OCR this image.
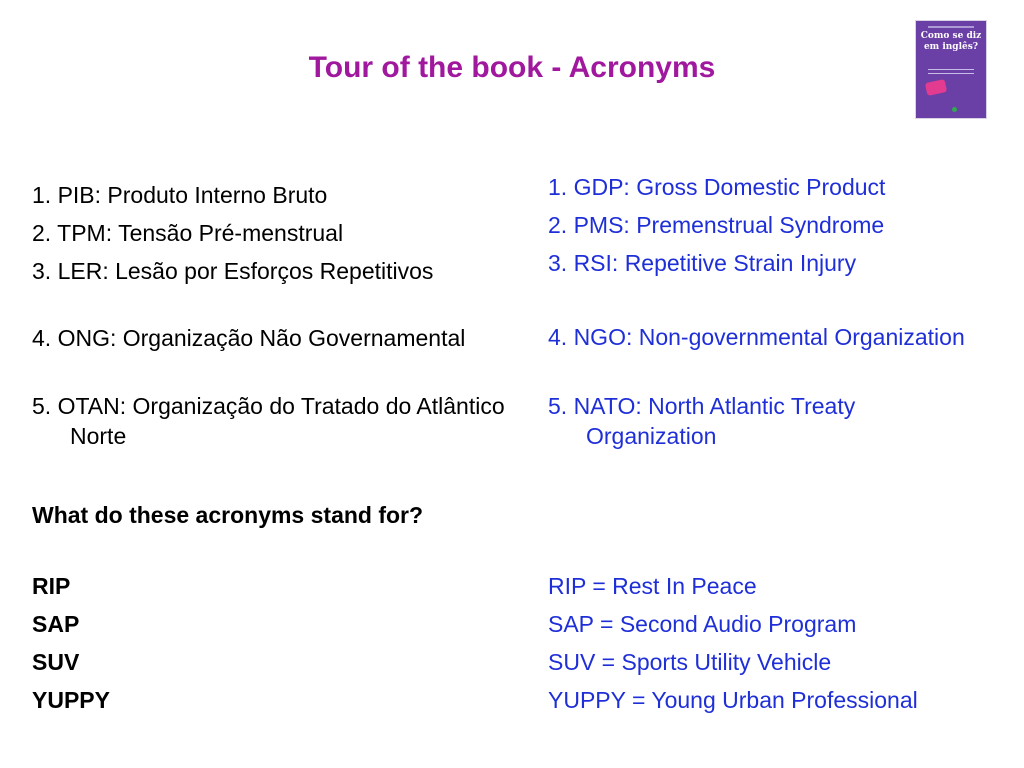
Tour of the book - Acronyms
Como se diz em inglês?

1. PIB: Produto Interno Bruto

2. TPM: Tensão Pré-menstrual

3. LER: Lesão por Esforços Repetitivos

4. ONG: Organização Não Governamental

5. OTAN: Organização do Tratado do Atlântico Norte

1. GDP: Gross Domestic Product

2. PMS: Premenstrual Syndrome

3. RSI: Repetitive Strain Injury

4. NGO: Non-governmental Organization

5. NATO: North Atlantic Treaty Organization

What do these acronyms stand for?

RIP

SAP

SUV

YUPPY

RIP = Rest In Peace

SAP = Second Audio Program

SUV = Sports Utility Vehicle

YUPPY = Young Urban Professional
